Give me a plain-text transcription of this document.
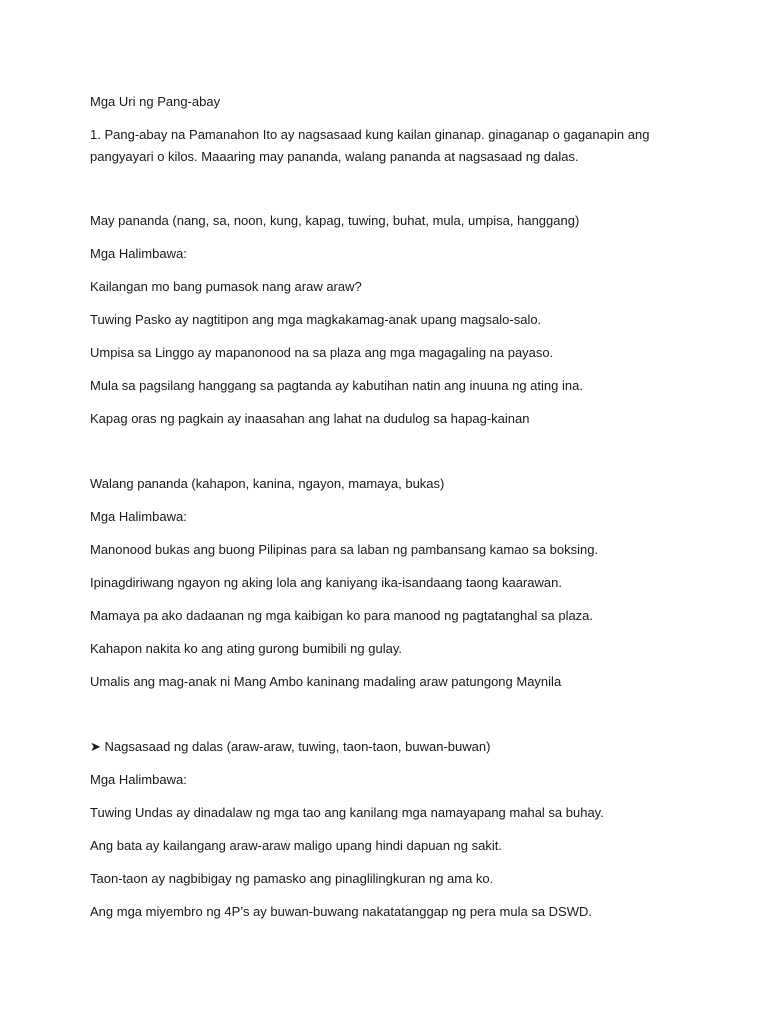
Mga Uri ng Pang-abay
1. Pang-abay na Pamanahon Ito ay nagsasaad kung kailan ginanap. ginaganap o gaganapin ang
pangyayari o kilos. Maaaring may pananda, walang pananda at nagsasaad ng dalas.
May pananda (nang, sa, noon, kung, kapag, tuwing, buhat, mula, umpisa, hanggang)
Mga Halimbawa:
Kailangan mo bang pumasok nang araw araw?
Tuwing Pasko ay nagtitipon ang mga magkakamag-anak upang magsalo-salo.
Umpisa sa Linggo ay mapanonood na sa plaza ang mga magagaling na payaso.
Mula sa pagsilang hanggang sa pagtanda ay kabutihan natin ang inuuna ng ating ina.
Kapag oras ng pagkain ay inaasahan ang lahat na dudulog sa hapag-kainan
Walang pananda (kahapon, kanina, ngayon, mamaya, bukas)
Mga Halimbawa:
Manonood bukas ang buong Pilipinas para sa laban ng pambansang kamao sa boksing.
Ipinagdiriwang ngayon ng aking lola ang kaniyang ika-isandaang taong kaarawan.
Mamaya pa ako dadaanan ng mga kaibigan ko para manood ng pagtatanghal sa plaza.
Kahapon nakita ko ang ating gurong bumibili ng gulay.
Umalis ang mag-anak ni Mang Ambo kaninang madaling araw patungong Maynila
➤ Nagsasaad ng dalas (araw-araw, tuwing, taon-taon, buwan-buwan)
Mga Halimbawa:
Tuwing Undas ay dinadalaw ng mga tao ang kanilang mga namayapang mahal sa buhay.
Ang bata ay kailangang araw-araw maligo upang hindi dapuan ng sakit.
Taon-taon ay nagbibigay ng pamasko ang pinaglilingkuran ng ama ko.
Ang mga miyembro ng 4P’s ay buwan-buwang nakatatanggap ng pera mula sa DSWD.
